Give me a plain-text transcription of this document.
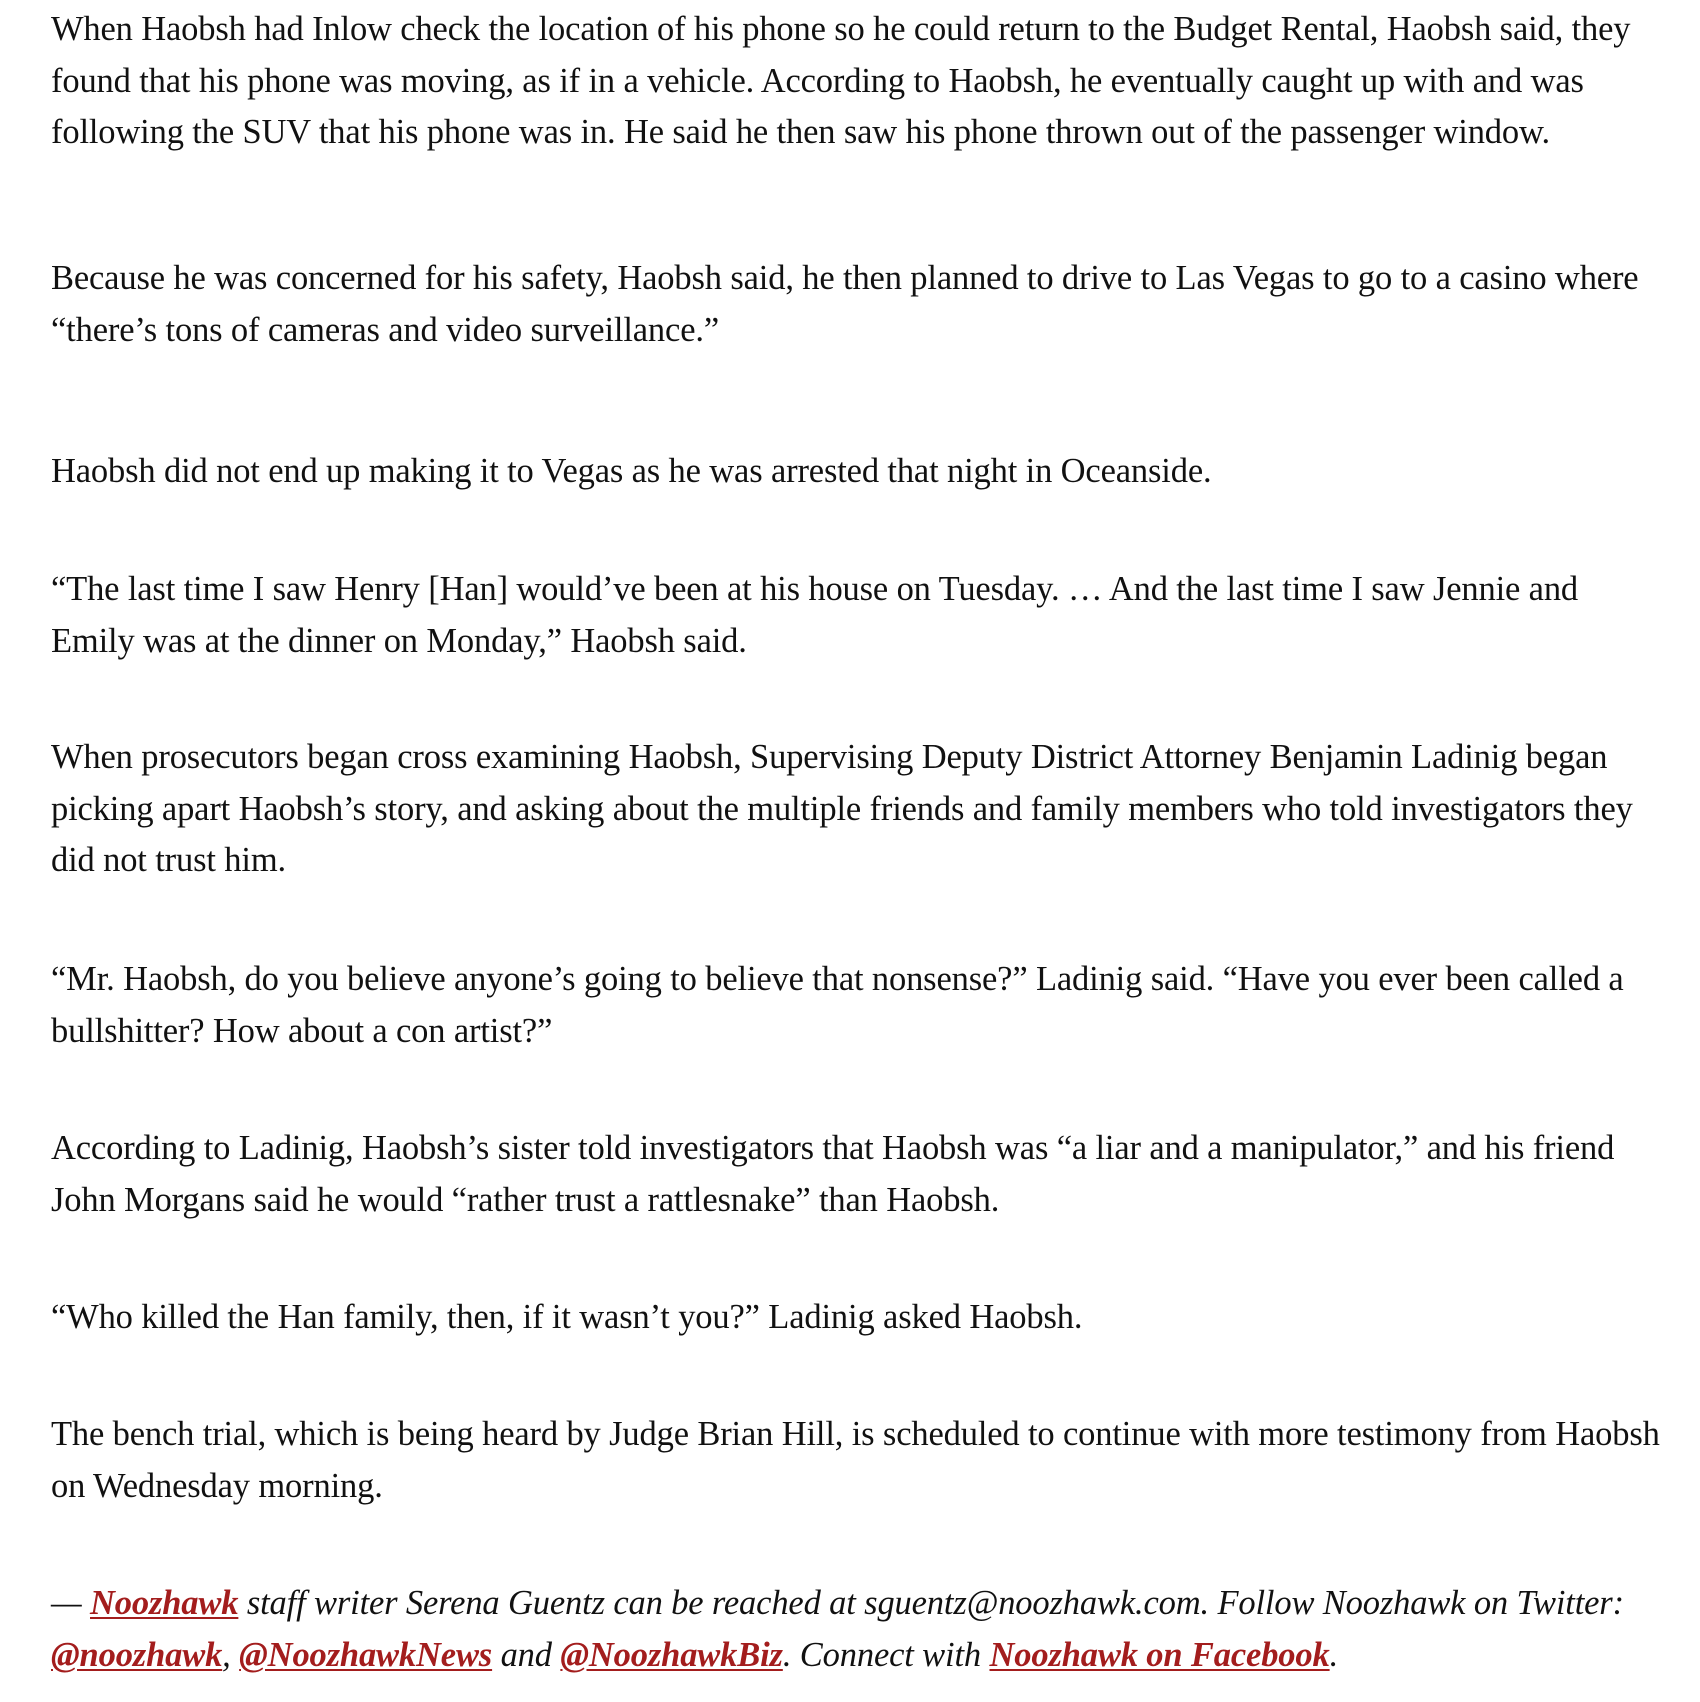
When Haobsh had Inlow check the location of his phone so he could return to the Budget Rental, Haobsh said, they found that his phone was moving, as if in a vehicle. According to Haobsh, he eventually caught up with and was following the SUV that his phone was in. He said he then saw his phone thrown out of the passenger window.

Because he was concerned for his safety, Haobsh said, he then planned to drive to Las Vegas to go to a casino where “there’s tons of cameras and video surveillance.”

Haobsh did not end up making it to Vegas as he was arrested that night in Oceanside.

“The last time I saw Henry [Han] would’ve been at his house on Tuesday. … And the last time I saw Jennie and Emily was at the dinner on Monday,” Haobsh said.

When prosecutors began cross examining Haobsh, Supervising Deputy District Attorney Benjamin Ladinig began picking apart Haobsh’s story, and asking about the multiple friends and family members who told investigators they did not trust him.

“Mr. Haobsh, do you believe anyone’s going to believe that nonsense?” Ladinig said. “Have you ever been called a bullshitter? How about a con artist?”

According to Ladinig, Haobsh’s sister told investigators that Haobsh was “a liar and a manipulator,” and his friend John Morgans said he would “rather trust a rattlesnake” than Haobsh.

“Who killed the Han family, then, if it wasn’t you?” Ladinig asked Haobsh.

The bench trial, which is being heard by Judge Brian Hill, is scheduled to continue with more testimony from Haobsh on Wednesday morning.

— Noozhawk staff writer Serena Guentz can be reached at sguentz@noozhawk.com. Follow Noozhawk on Twitter: @noozhawk, @NoozhawkNews and @NoozhawkBiz. Connect with Noozhawk on Facebook.
